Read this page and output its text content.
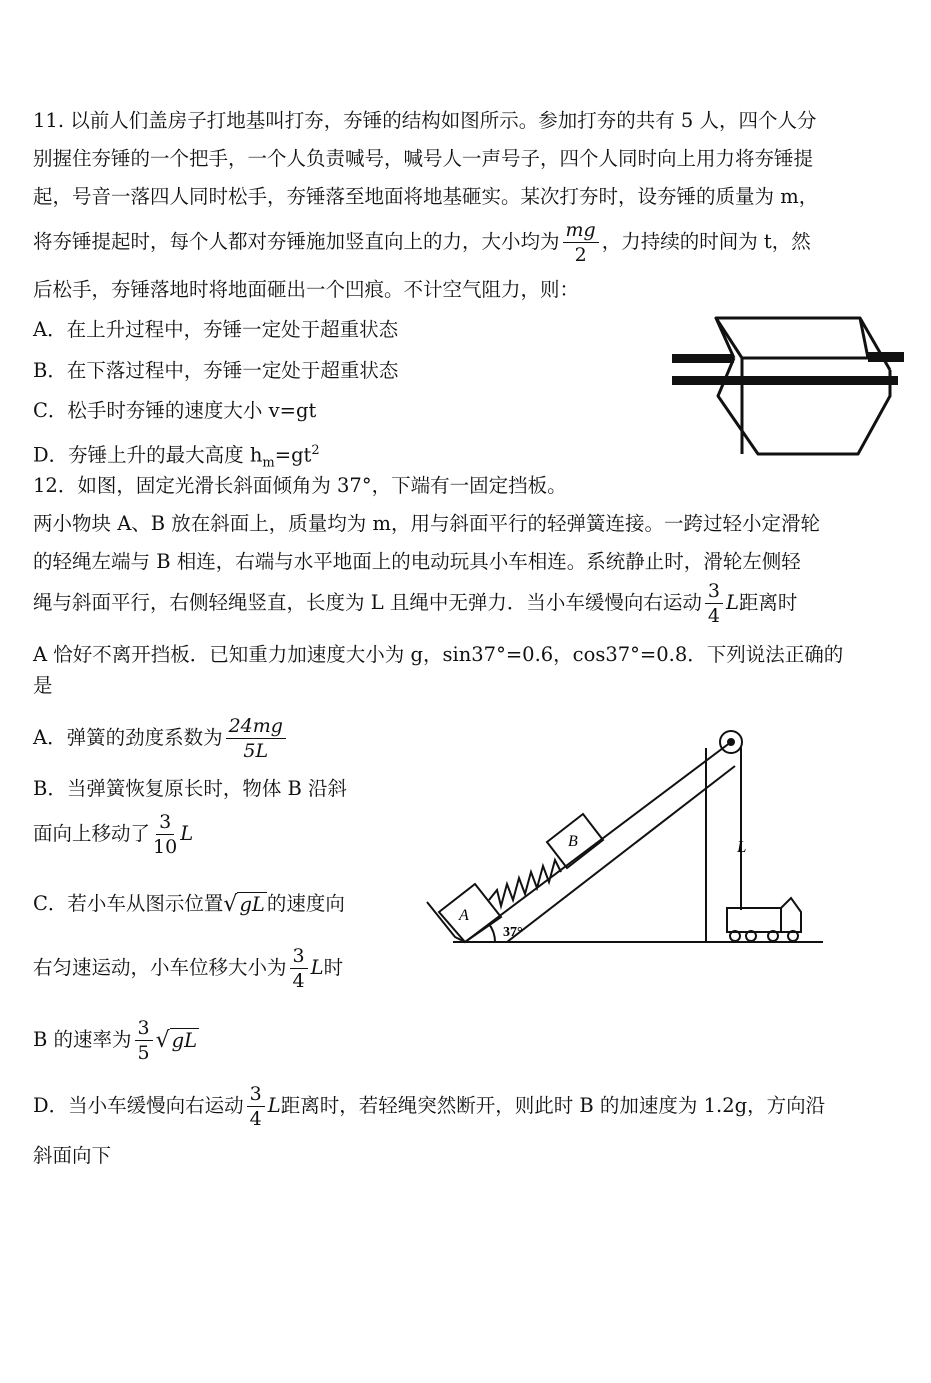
11. 以前人们盖房子打地基叫打夯，夯锤的结构如图所示。参加打夯的共有 5 人，四个人分
别握住夯锤的一个把手，一个人负责喊号，喊号人一声号子，四个人同时向上用力将夯锤提
起，号音一落四人同时松手，夯锤落至地面将地基砸实。某次打夯时，设夯锤的质量为 m，
将夯锤提起时，每个人都对夯锤施加竖直向上的力，大小均为 $\frac{mg}{2}$ ，力持续的时间为 t，然
后松手，夯锤落地时将地面砸出一个凹痕。不计空气阻力，则：
A．在上升过程中，夯锤一定处于超重状态
B．在下落过程中，夯锤一定处于超重状态
C．松手时夯锤的速度大小 v=gt
D．夯锤上升的最大高度 $h_m=gt^2$
12．如图，固定光滑长斜面倾角为 37°，下端有一固定挡板。
两小物块 A、B 放在斜面上，质量均为 m，用与斜面平行的轻弹簧连接。一跨过轻小定滑轮
的轻绳左端与 B 相连，右端与水平地面上的电动玩具小车相连。系统静止时，滑轮左侧轻
绳与斜面平行，右侧轻绳竖直，长度为 L 且绳中无弹力．当小车缓慢向右运动 $\frac{3}{4}$ L距离时
A 恰好不离开挡板．已知重力加速度大小为 g，sin37°=0.6，cos37°=0.8．下列说法正确的
是
A．弹簧的劲度系数为 $\frac{24mg}{5L}$
B．当弹簧恢复原长时，物体 B 沿斜
面向上移动了 $\frac{3}{10}$ L
C．若小车从图示位置√ gL 的速度向
右匀速运动，小车位移大小为 $\frac{3}{4}$ L时
B 的速率为 $\frac{3}{5}$ √ gL
D．当小车缓慢向右运动 $\frac{3}{4}$ L距离时，若轻绳突然断开，则此时 B 的加速度为 1.2g，方向沿
斜面向下
A
B	L
37°
